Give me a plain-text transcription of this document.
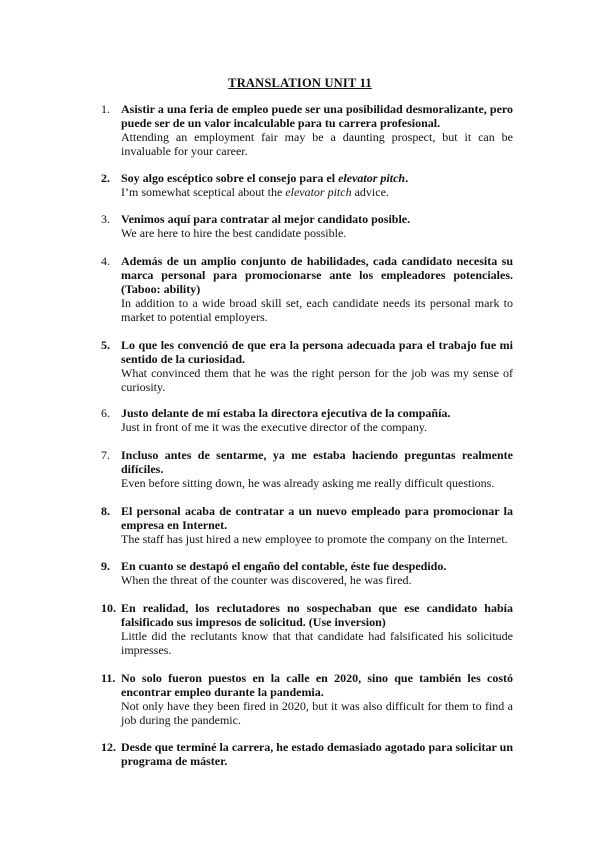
TRANSLATION UNIT 11
1. Asistir a una feria de empleo puede ser una posibilidad desmoralizante, pero puede ser de un valor incalculable para tu carrera profesional.
Attending an employment fair may be a daunting prospect, but it can be invaluable for your career.
2. Soy algo escéptico sobre el consejo para el elevator pitch.
I’m somewhat sceptical about the elevator pitch advice.
3. Venimos aquí para contratar al mejor candidato posible.
We are here to hire the best candidate possible.
4. Además de un amplio conjunto de habilidades, cada candidato necesita su marca personal para promocionarse ante los empleadores potenciales. (Taboo: ability)
In addition to a wide broad skill set, each candidate needs its personal mark to market to potential employers.
5. Lo que les convenció de que era la persona adecuada para el trabajo fue mi sentido de la curiosidad.
What convinced them that he was the right person for the job was my sense of curiosity.
6. Justo delante de mí estaba la directora ejecutiva de la compañía.
Just in front of me it was the executive director of the company.
7. Incluso antes de sentarme, ya me estaba haciendo preguntas realmente difíciles.
Even before sitting down, he was already asking me really difficult questions.
8. El personal acaba de contratar a un nuevo empleado para promocionar la empresa en Internet.
The staff has just hired a new employee to promote the company on the Internet.
9. En cuanto se destapó el engaño del contable, éste fue despedido.
When the threat of the counter was discovered, he was fired.
10. En realidad, los reclutadores no sospechaban que ese candidato había falsificado sus impresos de solicitud. (Use inversion)
Little did the reclutants know that that candidate had falsificated his solicitude impresses.
11. No solo fueron puestos en la calle en 2020, sino que también les costó encontrar empleo durante la pandemia.
Not only have they been fired in 2020, but it was also difficult for them to find a job during the pandemic.
12. Desde que terminé la carrera, he estado demasiado agotado para solicitar un programa de máster.
